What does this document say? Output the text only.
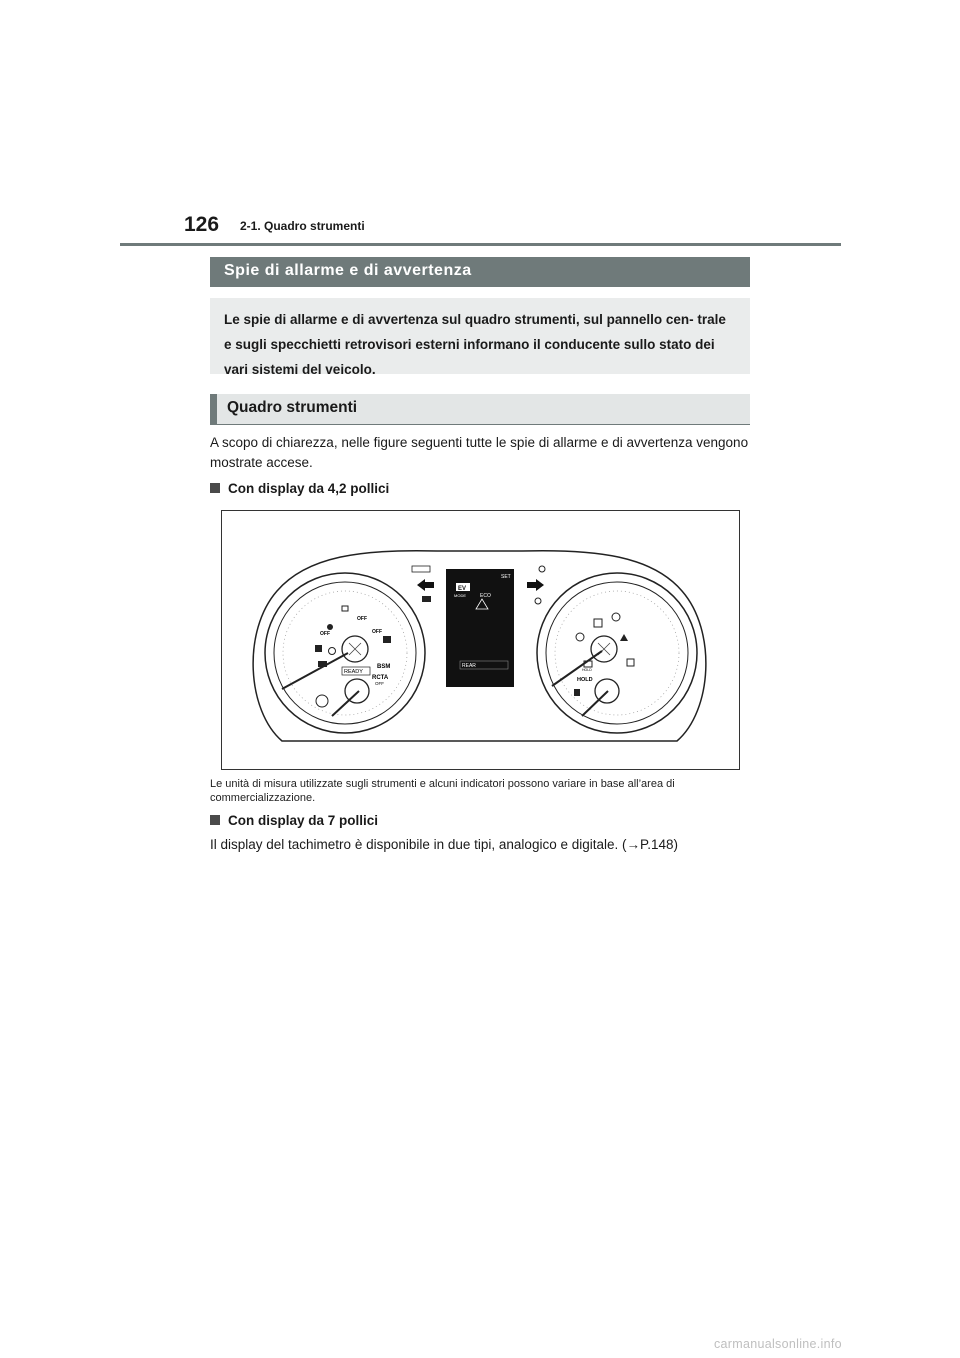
126 2-1. Quadro strumenti
Spie di allarme e di avvertenza
Le spie di allarme e di avvertenza sul quadro strumenti, sul pannello cen- trale e sugli specchietti retrovisori esterni informano il conducente sullo stato dei vari sistemi del veicolo.
Quadro strumenti
A scopo di chiarezza, nelle figure seguenti tutte le spie di allarme e di avvertenza vengono mostrate accese.
Con display da 4,2 pollici
OFF
OFF
OFF
READY
BSM
RCTA
OFF
EV
MODE	ECO
SET
REAR
HOLD
HOLD
Le unità di misura utilizzate sugli strumenti e alcuni indicatori possono variare in base all’area di commercializzazione.
Con display da 7 pollici
Il display del tachimetro è disponibile in due tipi, analogico e digitale. (→P.148)
carmanualsonline.info
